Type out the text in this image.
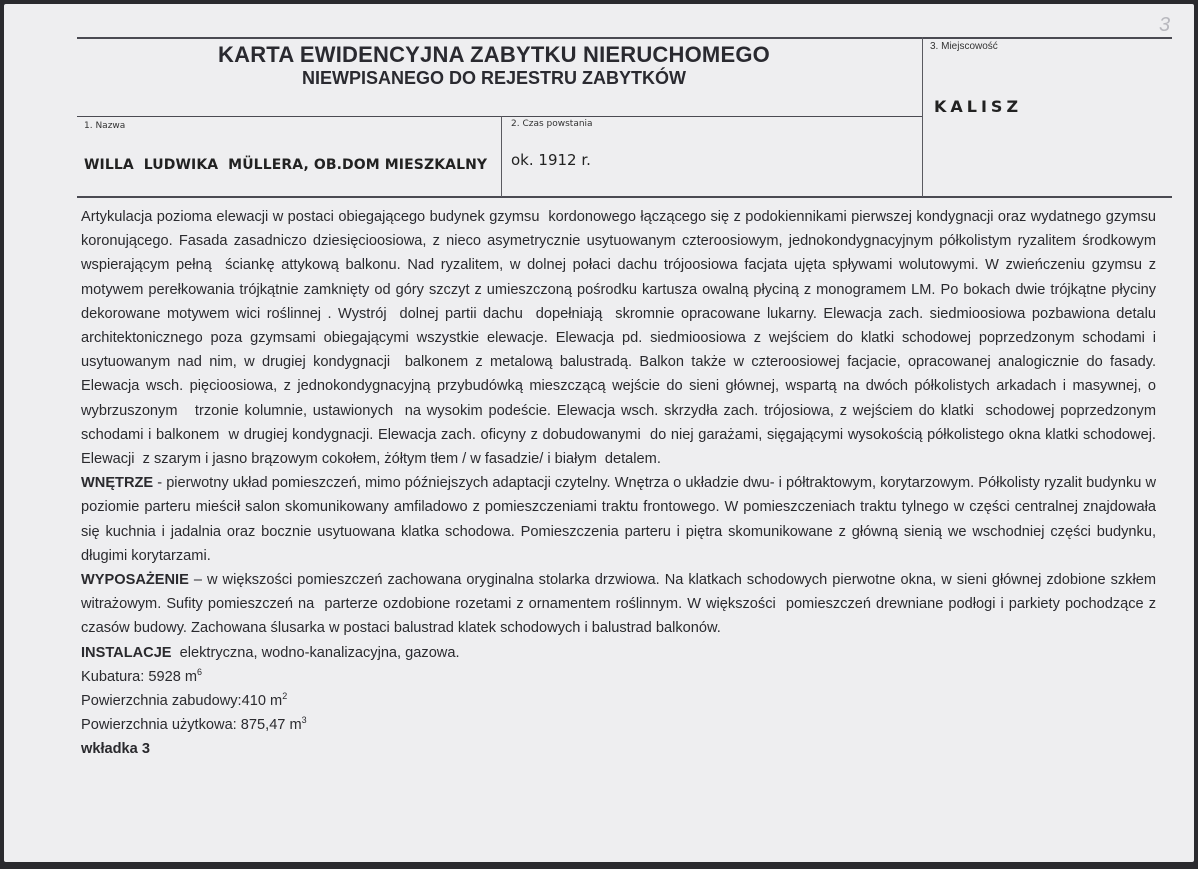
3
KARTA EWIDENCYJNA ZABYTKU NIERUCHOMEGO
NIEWPISANEGO DO REJESTRU ZABYTKÓW
1. Nazwa
WILLA  LUDWIKA  MÜLLERA, OB.DOM MIESZKALNY
2. Czas powstania
ok. 1912 r.
3. Miejscowość
KALISZ

Artykulacja pozioma elewacji w postaci obiegającego budynek gzymsu  kordonowego łączącego się z podokiennikami pierwszej kondygnacji oraz wydatnego gzymsu koronującego. Fasada zasadniczo dziesięcioosiowa, z nieco asymetrycznie usytuowanym czteroosiowym, jednokondygnacyjnym półkolistym ryzalitem środkowym wspierającym pełną  ściankę attykową balkonu. Nad ryzalitem, w dolnej połaci dachu trójoosiowa facjata ujęta spływami wolutowymi. W zwieńczeniu gzymsu z motywem perełkowania trójkątnie zamknięty od góry szczyt z umieszczoną pośrodku kartusza owalną płyciną z monogramem LM. Po bokach dwie trójkątne płyciny dekorowane motywem wici roślinnej . Wystrój  dolnej partii dachu  dopełniają  skromnie opracowane lukarny. Elewacja zach. siedmioosiowa pozbawiona detalu architektonicznego poza gzymsami obiegającymi wszystkie elewacje. Elewacja pd. siedmioosiowa z wejściem do klatki schodowej poprzedzonym schodami i usytuowanym nad nim, w drugiej kondygnacji  balkonem z metalową balustradą. Balkon także w czteroosiowej facjacie, opracowanej analogicznie do fasady. Elewacja wsch. pięcioosiowa, z jednokondygnacyjną przybudówką mieszczącą wejście do sieni głównej, wspartą na dwóch półkolistych arkadach i masywnej, o wybrzuszonym   trzonie kolumnie, ustawionych  na wysokim podeście. Elewacja wsch. skrzydła zach. trójosiowa, z wejściem do klatki  schodowej poprzedzonym schodami i balkonem  w drugiej kondygnacji. Elewacja zach. oficyny z dobudowanymi  do niej garażami, sięgającymi wysokością półkolistego okna klatki schodowej. Elewacji  z szarym i jasno brązowym cokołem, żółtym tłem / w fasadzie/ i białym  detalem.

WNĘTRZE - pierwotny układ pomieszczeń, mimo późniejszych adaptacji czytelny. Wnętrza o układzie dwu- i półtraktowym, korytarzowym. Półkolisty ryzalit budynku w poziomie parteru mieścił salon skomunikowany amfiladowo z pomieszczeniami traktu frontowego. W pomieszczeniach traktu tylnego w części centralnej znajdowała się kuchnia i jadalnia oraz bocznie usytuowana klatka schodowa. Pomieszczenia parteru i piętra skomunikowane z główną sienią we wschodniej części budynku, długimi korytarzami.

WYPOSAŻENIE – w większości pomieszczeń zachowana oryginalna stolarka drzwiowa. Na klatkach schodowych pierwotne okna, w sieni głównej zdobione szkłem witrażowym. Sufity pomieszczeń na  parterze ozdobione rozetami z ornamentem roślinnym. W większości  pomieszczeń drewniane podłogi i parkiety pochodzące z czasów budowy. Zachowana ślusarka w postaci balustrad klatek schodowych i balustrad balkonów.

INSTALACJE  elektryczna, wodno-kanalizacyjna, gazowa.

Kubatura: 5928 $m^6$

Powierzchnia zabudowy:410 $m^2$

Powierzchnia użytkowa: 875,47 $m^3$

wkładka 3
